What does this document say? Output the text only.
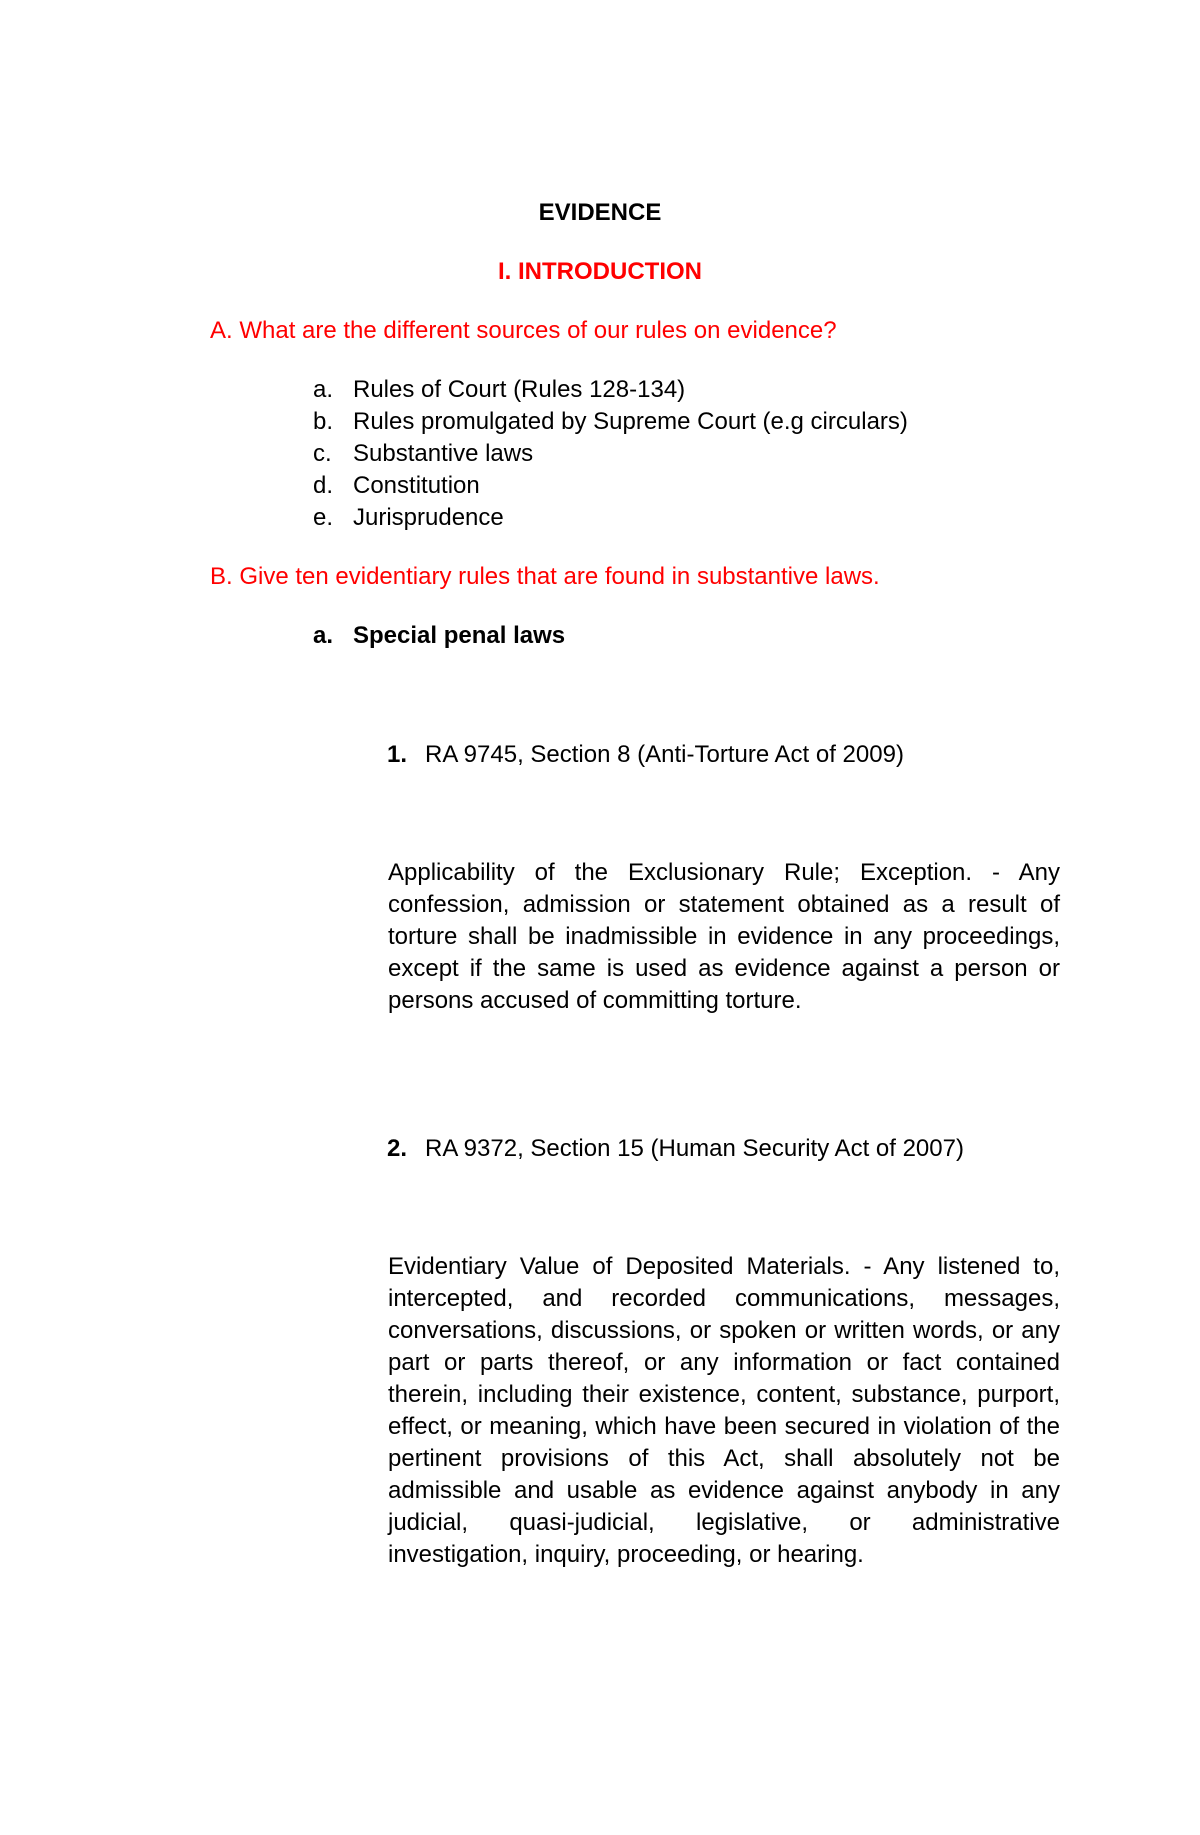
EVIDENCE
I. INTRODUCTION
A. What are the different sources of our rules on evidence?
a. Rules of Court (Rules 128-134)
b. Rules promulgated by Supreme Court (e.g circulars)
c. Substantive laws
d. Constitution
e. Jurisprudence
B. Give ten evidentiary rules that are found in substantive laws.
a. Special penal laws
1. RA 9745, Section 8 (Anti-Torture Act of 2009)
Applicability of the Exclusionary Rule; Exception. - Any confession, admission or statement obtained as a result of torture shall be inadmissible in evidence in any proceedings, except if the same is used as evidence against a person or persons accused of committing torture.
2. RA 9372, Section 15 (Human Security Act of 2007)
Evidentiary Value of Deposited Materials. - Any listened to, intercepted, and recorded communications, messages, conversations, discussions, or spoken or written words, or any part or parts thereof, or any information or fact contained therein, including their existence, content, substance, purport, effect, or meaning, which have been secured in violation of the pertinent provisions of this Act, shall absolutely not be admissible and usable as evidence against anybody in any judicial, quasi-judicial, legislative, or administrative investigation, inquiry, proceeding, or hearing.
